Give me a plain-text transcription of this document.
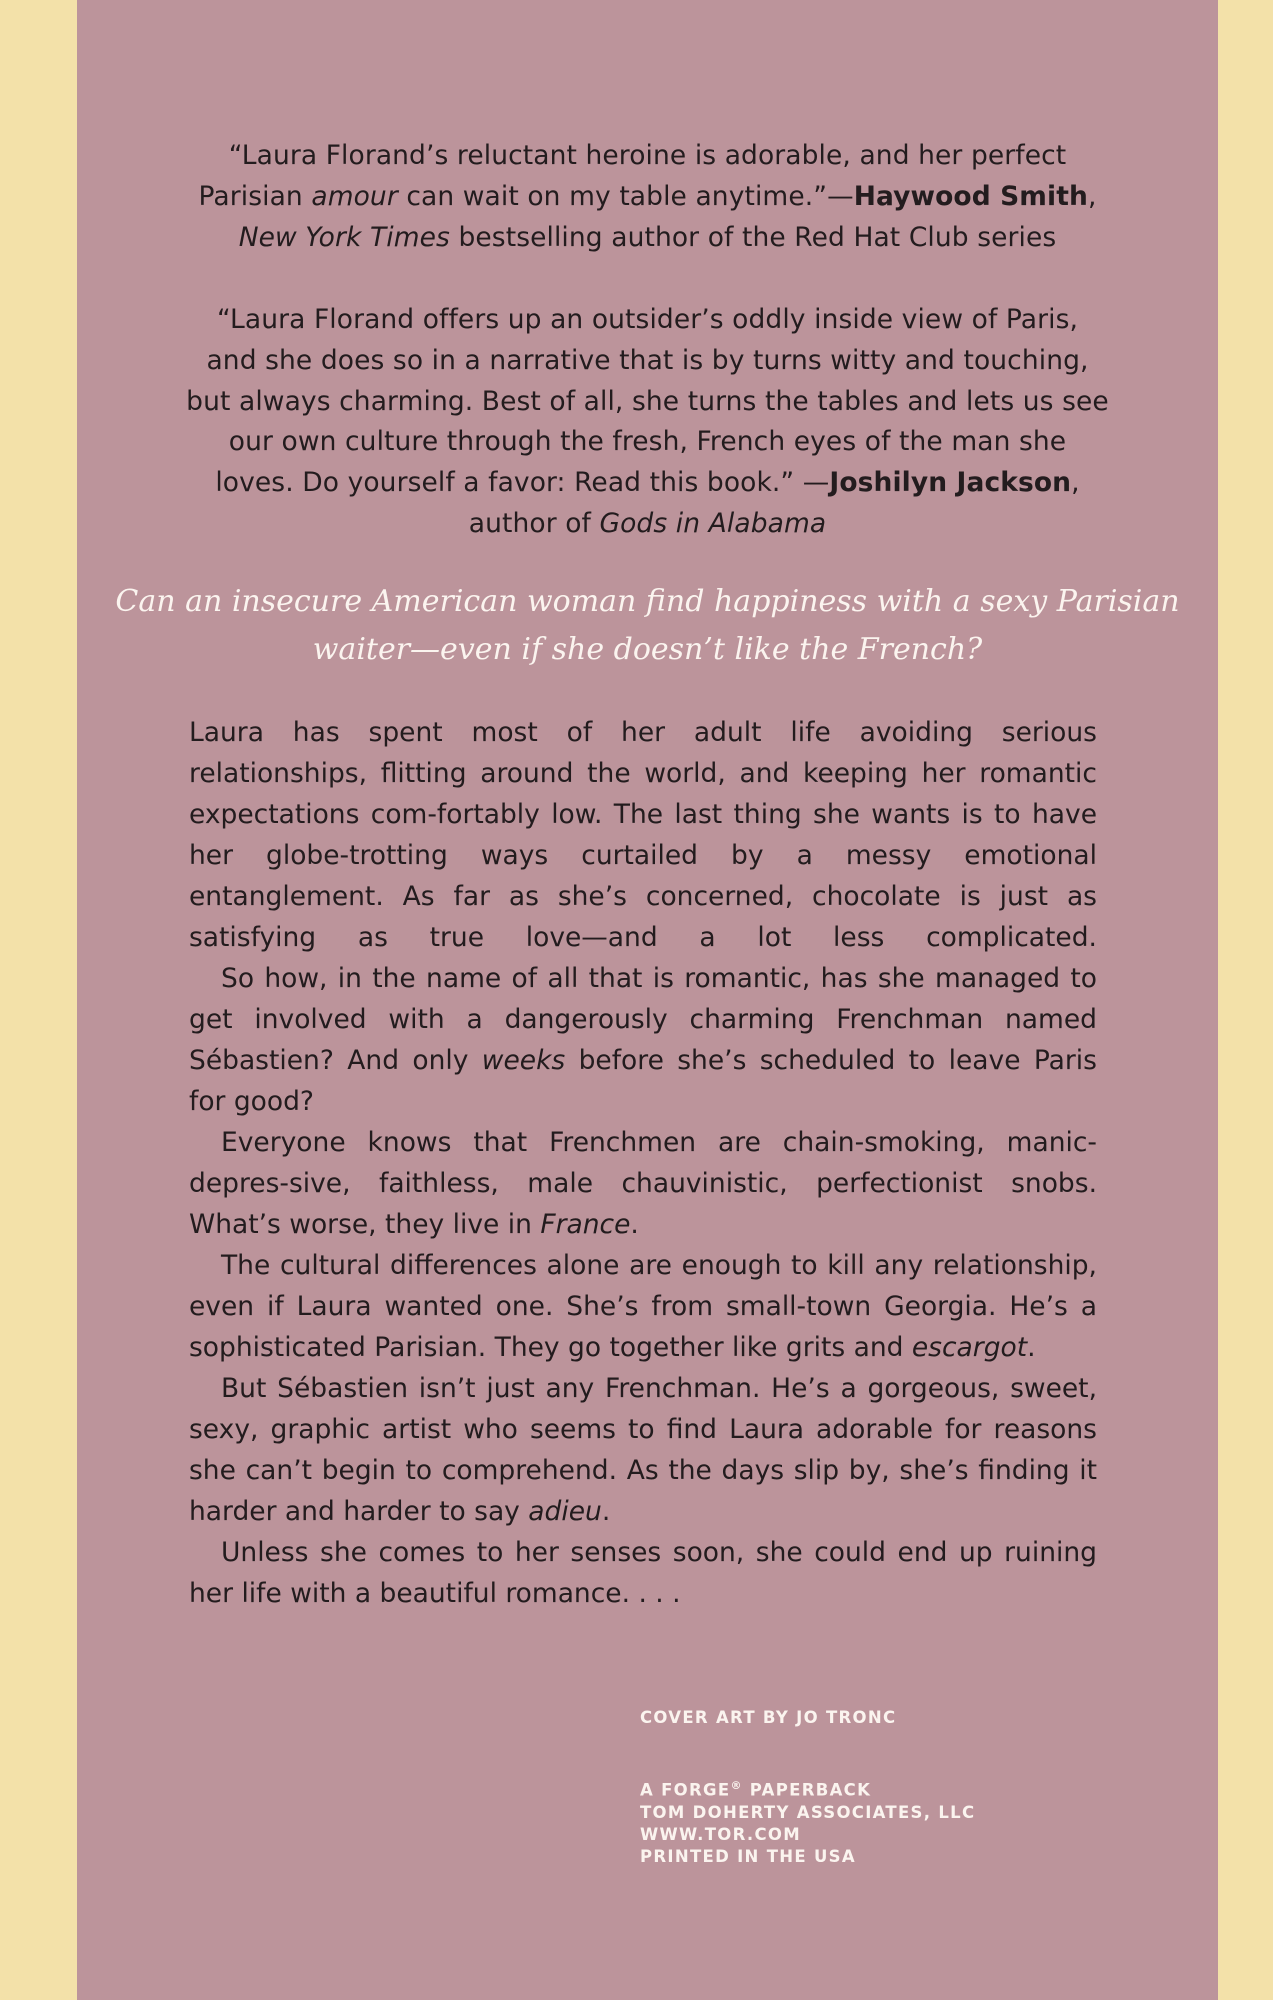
“Laura Florand’s reluctant heroine is adorable, and her perfect
Parisian amour can wait on my table anytime.”—Haywood Smith,
New York Times bestselling author of the Red Hat Club series
“Laura Florand offers up an outsider’s oddly inside view of Paris,
and she does so in a narrative that is by turns witty and touching,
but always charming. Best of all, she turns the tables and lets us see
our own culture through the fresh, French eyes of the man she
loves. Do yourself a favor: Read this book.” —Joshilyn Jackson,
author of Gods in Alabama
Can an insecure American woman find happiness with a sexy Parisian
waiter—even if she doesn’t like the French?

Laura has spent most of her adult life avoiding serious relationships, flitting around the world, and keeping her romantic expectations com-fortably low. The last thing she wants is to have her globe-trotting ways curtailed by a messy emotional entanglement. As far as she’s concerned, chocolate is just as satisfying as true love—and a lot less complicated.

So how, in the name of all that is romantic, has she managed to get involved with a dangerously charming Frenchman named Sébastien? And only weeks before she’s scheduled to leave Paris for good?

Everyone knows that Frenchmen are chain-smoking, manic-depres-sive, faithless, male chauvinistic, perfectionist snobs. What’s worse, they live in France.

The cultural differences alone are enough to kill any relationship, even if Laura wanted one. She’s from small-town Georgia. He’s a sophisticated Parisian. They go together like grits and escargot.

But Sébastien isn’t just any Frenchman. He’s a gorgeous, sweet, sexy, graphic artist who seems to find Laura adorable for reasons she can’t begin to comprehend. As the days slip by, she’s finding it harder and harder to say adieu.

Unless she comes to her senses soon, she could end up ruining her life with a beautiful romance. . . .

COVER ART BY JO TRONC
A FORGE® PAPERBACK
TOM DOHERTY ASSOCIATES, LLC
WWW.TOR.COM
PRINTED IN THE USA
